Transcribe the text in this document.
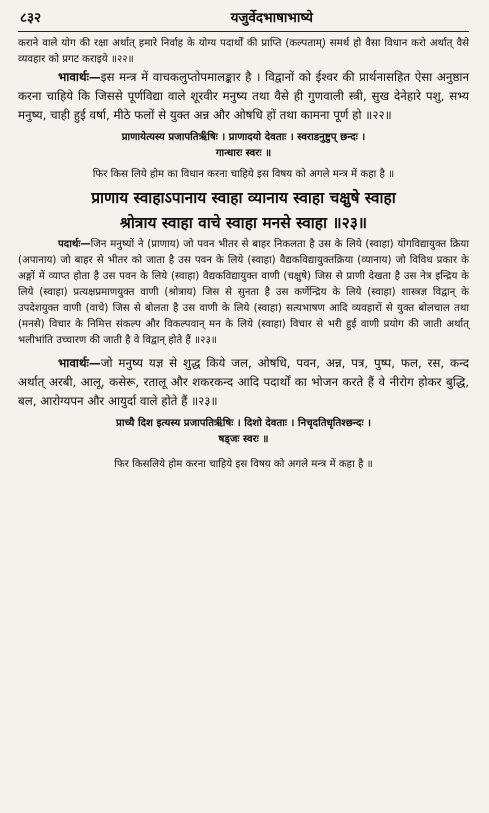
८३२	यजुर्वेदभाषाभाष्ये

कराने वाले योग की रक्षा अर्थात् हमारे निर्वाह के योग्य पदार्थों की प्राप्ति (कल्पताम्) समर्थ हो वैसा विधान करो अर्थात् वैसे व्यवहार को प्रगट कराइये ॥२२॥

भावार्थः—इस मन्त्र में वाचकलुप्तोपमालङ्कार है । विद्वानों को ईश्वर की प्रार्थनासहित ऐसा अनुष्ठान करना चाहिये कि जिससे पूर्णविद्या वाले शूरवीर मनुष्य तथा वैसे ही गुणवाली स्त्री, सुख देनेहारे पशु, सभ्य मनुष्य, चाही हुई वर्षा, मीठे फलों से युक्त अन्न और ओषधि हों तथा कामना पूर्ण हो ॥२२॥

प्राणायेत्यस्य प्रजापतिर्ऋ॑षिः । प्राणादयो देवताः । स्वराडनुष्टुप् छन्दः ।

गान्धारः स्वरः ॥

फिर किस लिये होम का विधान करना चाहिये इस विषय को अगले मन्त्र में कहा है ॥

प्राणाय स्वाहाऽपानाय स्वाहा व्यानाय स्वाहा चक्षुषे स्वाहा
श्रोत्राय स्वाहा वाचे स्वाहा मनसे स्वाहा ॥२३॥

पदार्थः—जिन मनुष्यों ने (प्राणाय) जो पवन भीतर से बाहर निकलता है उस के लिये (स्वाहा) योगविद्यायुक्त क्रिया (अपानाय) जो बाहर से भीतर को जाता है उस पवन के लिये (स्वाहा) वैद्यकविद्यायुक्तक्रिया (व्यानाय) जो विविध प्रकार के अङ्गों में व्याप्त होता है उस पवन के लिये (स्वाहा) वैद्यकविद्यायुक्त वाणी (चक्षुषे) जिस से प्राणी देखता है उस नेत्र इन्द्रिय के लिये (स्वाहा) प्रत्यक्षप्रमाणयुक्त वाणी (श्रोत्राय) जिस से सुनता है उस कर्णेन्द्रिय के लिये (स्वाहा) शास्त्रज्ञ विद्वान् के उपदेशयुक्त वाणी (वाचे) जिस से बोलता है उस वाणी के लिये (स्वाहा) सत्यभाषण आदि व्यवहारों से युक्त बोलचाल तथा (मनसे) विचार के निमित्त संकल्प और विकल्पवान् मन के लिये (स्वाहा) विचार से भरी हुई वाणी प्रयोग की जाती अर्थात् भलीभांति उच्चारण की जाती है वे विद्वान् होते हैं ॥२३॥

भावार्थः—जो मनुष्य यज्ञ से शुद्ध किये जल, ओषधि, पवन, अन्न, पत्र, पुष्प, फल, रस, कन्द अर्थात् अरबी, आलू, कसेरू, रतालू और शकरकन्द आदि पदार्थों का भोजन करते हैं वे नीरोग होकर बुद्धि, बल, आरोग्यपन और आयुर्दा वाले होते हैं ॥२३॥

प्राच्यै दिश इत्यस्य प्रजापतिर्ऋ॑षिः । दिशो देवताः । निचृदतिधृतिश्छन्दः ।

षड्जः स्वरः ॥

फिर किसलिये होम करना चाहिये इस विषय को अगले मन्त्र में कहा है ॥
